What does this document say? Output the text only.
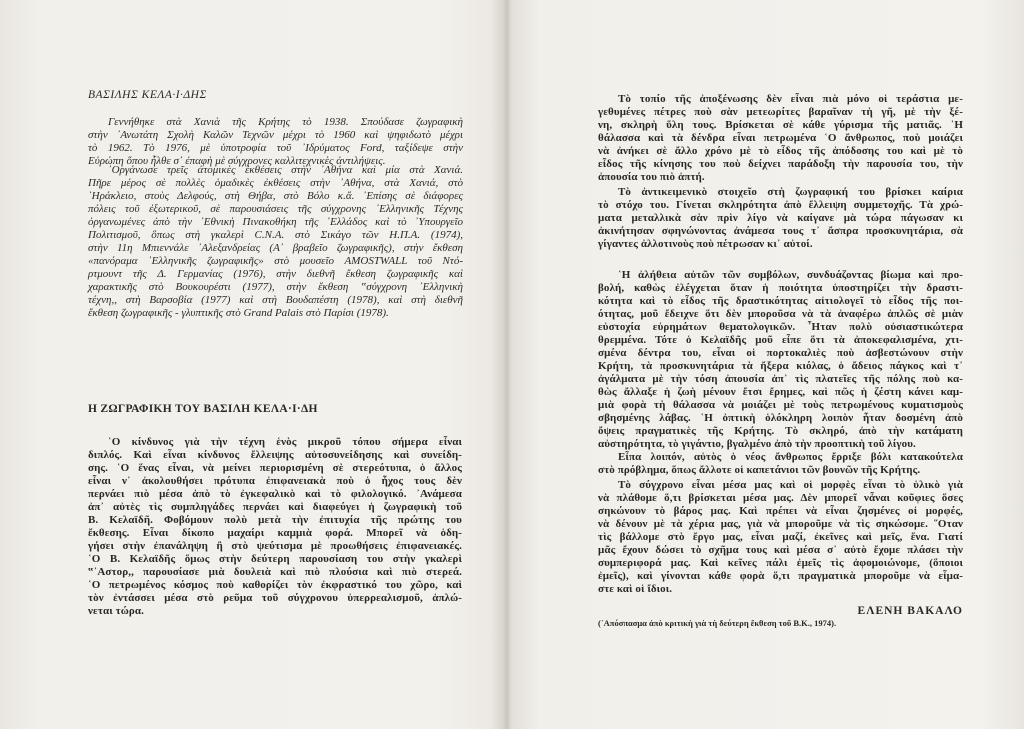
ΒΑΣΙΛΗΣ ΚΕΛΑ·Ι·ΔΗΣ
Γεννήθηκε στὰ Χανιὰ τῆς Κρήτης τὸ 1938. Σπούδασε ζωγραφικὴ
στὴν ᾿Ανωτάτη Σχολὴ Καλῶν Τεχνῶν μέχρι τὸ 1960 καὶ ψηφιδωτὸ μέχρι
τὸ 1962. Τὸ 1976, μὲ ὑποτροφία τοῦ ᾿Ιδρύματος Ford, ταξίδεψε στὴν
Εὐρώπη ὅπου ἦλθε σ᾿ ἐπαφὴ μὲ σύγχρονες καλλιτεχνικὲς ἀντιλήψεις.
᾿Οργάνωσε τρεῖς ἀτομικὲς ἐκθέσεις στὴν ᾿Αθήνα καὶ μία στὰ Χανιά.
Πῆρε μέρος σὲ πολλὲς ὁμαδικὲς ἐκθέσεις στὴν ᾿Αθήνα, στὰ Χανιά, στὸ
᾿Ηράκλειο, στοὺς Δελφούς, στὴ Θήβα, στὸ Βόλο κ.ἄ. ᾿Επίσης σὲ διάφορες
πόλεις τοῦ ἐξωτερικοῦ, σὲ παρουσιάσεις τῆς σύγχρονης ᾿Ελληνικῆς Τέχνης
ὀργανωμένες ἀπὸ τὴν ᾿Εθνικὴ Πινακοθήκη τῆς ᾿Ελλάδος καὶ τὸ ᾿Υπουργεῖο
Πολιτισμοῦ, ὅπως στὴ γκαλερὶ C.N.A. στὸ Σικάγο τῶν Η.Π.Α. (1974),
στὴν 11η Μπιεννάλε ᾿Αλεξανδρείας (Α᾿ βραβεῖο ζωγραφικῆς), στὴν ἔκθεση
«πανόραμα ᾿Ελληνικῆς ζωγραφικῆς» στὸ μουσεῖο AMOSTWALL τοῦ Ντό-
ρτμουντ τῆς Δ. Γερμανίας (1976), στὴν διεθνῆ ἔκθεση ζωγραφικῆς καὶ
χαρακτικῆς στὸ Βουκουρέστι (1977), στὴν ἔκθεση ‟σύγχρονη ᾿Ελληνικὴ
τέχνη,, στὴ Βαρσοβία (1977) καὶ στὴ Βουδαπέστη (1978), καὶ στὴ διεθνῆ
ἔκθεση ζωγραφικῆς - γλυπτικῆς στὸ Grand Palais στὸ Παρίσι (1978).
Η ΖΩΓΡΑΦΙΚΗ ΤΟΥ ΒΑΣΙΛΗ ΚΕΛΑ·Ι·ΔΗ
῾Ο κίνδυνος γιὰ τὴν τέχνη ἑνὸς μικροῦ τόπου σήμερα εἶναι
διπλός. Καὶ εἶναι κίνδυνος ἔλλειψης αὐτοσυνείδησης καὶ συνείδη-
σης. ῾Ο ἕνας εἶναι, νὰ μείνει περιορισμένη σὲ στερεότυπα, ὁ ἄλλος
εἶναι ν᾿ ἀκολουθήσει πρότυπα ἐπιφανειακὰ ποὺ ὁ ἦχος τους δὲν
περνάει πιὸ μέσα ἀπὸ τὸ ἐγκεφαλικὸ καὶ τὸ φιλολογικό. ᾿Ανάμεσα
ἀπ᾿ αὐτὲς τὶς συμπληγάδες περνάει καὶ διαφεύγει ἡ ζωγραφικὴ τοῦ
Β. Κελαϊδῆ. Φοβόμουν πολὺ μετὰ τὴν ἐπιτυχία τῆς πρώτης του
ἔκθεσης. Εἶναι δίκοπο μαχαίρι καμμιὰ φορά. Μπορεῖ νὰ ὁδη-
γήσει στὴν ἐπανάληψη ἢ στὸ ψεύτισμα μὲ προωθήσεις ἐπιφανειακές.
῾Ο Β. Κελαϊδῆς ὅμως στὴν δεύτερη παρουσίαση του στὴν γκαλερὶ
‟᾿Αστορ,, παρουσίασε μιὰ δουλειὰ καὶ πιὸ πλούσια καὶ πιὸ στερεά.
῾Ο πετρωμένος κόσμος ποὺ καθορίζει τὸν ἐκφραστικό του χῶρο, καὶ
τὸν ἐντάσσει μέσα στὸ ρεῦμα τοῦ σύγχρονου ὑπερρεαλισμοῦ, ἁπλώ-
νεται τώρα.
Τὸ τοπίο τῆς ἀποξένωσης δὲν εἶναι πιὰ μόνο οἱ τεράστια με-
γεθυμένες πέτρες ποὺ σὰν μετεωρίτες βαραῖναν τὴ γῆ, μὲ τὴν ξέ-
νη, σκληρὴ ὕλη τους. Βρίσκεται σὲ κάθε γύρισμα τῆς ματιᾶς. ῾Η
θάλασσα καὶ τὰ δένδρα εἶναι πετρωμένα ῾Ο ἄνθρωπος, ποὺ μοιάζει
νὰ ἀνήκει σὲ ἄλλο χρόνο μὲ τὸ εἶδος τῆς ἀπόδοσης του καὶ μὲ τὸ
εἶδος τῆς κίνησης του ποὺ δείχνει παράδοξη τὴν παρουσία του, τὴν
ἀπουσία του πιὸ ἁπτή.
Τὸ ἀντικειμενικὸ στοιχεῖο στὴ ζωγραφική του βρίσκει καίρια
τὸ στόχο του. Γίνεται σκληρότητα ἀπὸ ἔλλειψη συμμετοχῆς. Τὰ χρώ-
ματα μεταλλικὰ σὰν πρὶν λίγο νὰ καίγανε μὰ τώρα πάγωσαν κι
ἀκινήτησαν σφηνώνοντας ἀνάμεσα τους τ᾿ ἄσπρα προσκυνητάρια, σὰ
γίγαντες ἀλλοτινοὺς ποὺ πέτρωσαν κι᾿ αὐτοί.
῾Η ἀλήθεια αὐτῶν τῶν συμβόλων, συνδυάζοντας βίωμα καὶ προ-
βολή, καθὼς ἐλέγχεται ὅταν ἡ ποιότητα ὑποστηρίζει τὴν δραστι-
κότητα καὶ τὸ εἶδος τῆς δραστικότητας αἰτιολογεῖ τὸ εἶδος τῆς ποι-
ότητας, μοῦ ἔδειχνε ὅτι δὲν μποροῦσα νὰ τὰ ἀναφέρω ἁπλῶς σὲ μιὰν
εὐστοχία εὑρημάτων θεματολογικῶν. ῏Ηταν πολὺ οὐσιαστικώτερα
θρεμμένα. Τότε ὁ Κελαϊδῆς μοῦ εἶπε ὅτι τὰ ἀποκεφαλισμένα, χτι-
σμένα δέντρα του, εἶναι οἱ πορτοκαλιὲς ποὺ ἀσβεστώνουν στὴν
Κρήτη, τὰ προσκυνητάρια τὰ ἤξερα κιόλας, ὁ ἄδειος πάγκος καὶ τ᾿
ἀγάλματα μὲ τὴν τόση ἀπουσία ἀπ᾿ τὶς πλατεῖες τῆς πόλης ποὺ κα-
θὼς ἄλλαξε ἡ ζωὴ μένουν ἔτσι ἔρημες, καὶ πῶς ἡ ζέστη κάνει καμ-
μιὰ φορὰ τὴ θάλασσα νὰ μοιάζει μὲ τοὺς πετρωμένους κυματισμοὺς
σβησμένης λάβας. ῾Η ὀπτικὴ ὁλόκληρη λοιπὸν ἦταν δοσμένη ἀπὸ
ὄψεις πραγματικὲς τῆς Κρήτης. Τὸ σκληρό, ἀπὸ τὴν κατάματη
αὐστηρότητα, τὸ γιγάντιο, βγαλμένο ἀπὸ τὴν προοπτικὴ τοῦ λίγου.
Εἶπα λοιπόν, αὐτὸς ὁ νέος ἄνθρωπος ἔρριξε βόλι κατακούτελα
στὸ πρόβλημα, ὅπως ἄλλοτε οἱ καπετάνιοι τῶν βουνῶν τῆς Κρήτης.
Τὸ σύγχρονο εἶναι μέσα μας καὶ οἱ μορφὲς εἶναι τὸ ὑλικὸ γιὰ
νὰ πλάθομε ὅ,τι βρίσκεται μέσα μας. Δὲν μπορεῖ νἆναι κοῦφιες ὅσες
σηκώνουν τὸ βάρος μας. Καὶ πρέπει νὰ εἶναι ζησμένες οἱ μορφές,
νὰ δένουν μὲ τὰ χέρια μας, γιὰ νὰ μποροῦμε νὰ τὶς σηκώσομε. ῞Οταν
τὶς βάλλομε στὸ ἔργο μας, εἶναι μαζί, ἐκεῖνες καὶ μεῖς, ἕνα. Γιατί
μᾶς ἔχουν δώσει τὸ σχῆμα τους καὶ μέσα σ᾿ αὐτὸ ἔχομε πλάσει τὴν
συμπεριφορά μας. Καὶ κεῖνες πάλι ἐμεῖς τὶς ἀφομοιώνομε, (ὅποιοι
ἐμεῖς), καὶ γίνονται κάθε φορὰ ὅ,τι πραγματικὰ μποροῦμε νὰ εἶμα-
στε καὶ οἱ ἴδιοι.
ΕΛΕΝΗ ΒΑΚΑΛΟ
(᾿Απόσπασμα ἀπὸ κριτικὴ γιὰ τὴ δεύτερη ἔκθεση τοῦ Β.Κ., 1974).
